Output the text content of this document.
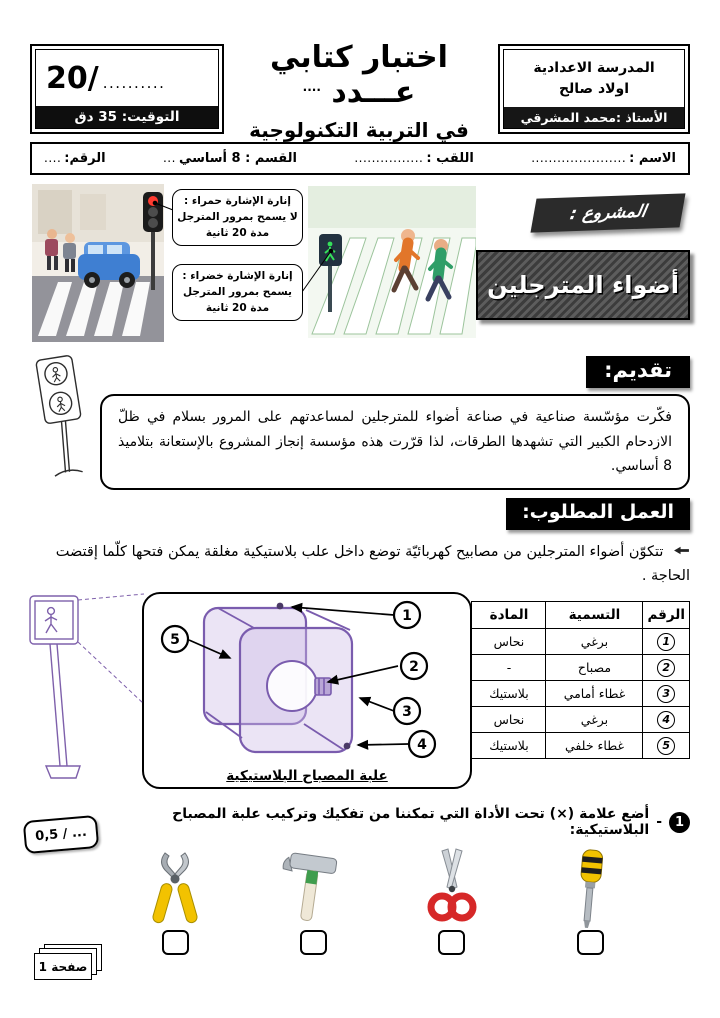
المدرسة الاعدادية
اولاد صالح
الأستاذ :محمد المشرقي
اختبار كتابي عـــدد ....
في التربية التكنولوجية
20/ ..........
التوقيت: 35 دق
الاسم :
......................
اللقب :
................
القسم : 8 أساسي
...
الرقم:
....
المشروع :
أضواء المترجلين
إنارة الإشارة حمراء :
لا يسمح بمرور المترجل
مدة 20 ثانية
إنارة الإشارة خضراء :
يسمح بمرور المترجل
مدة 20 ثانية
تقديم:
فكّرت مؤسّسة صناعية في صناعة أضواء للمترجلين لمساعدتهم على المرور بسلام في ظلّ الازدحام الكبير التي تشهدها الطرقات، لذا قرّرت هذه مؤسسة إنجاز المشروع بالإستعانة بتلاميذ 8 أساسي.
العمل المطلوب:
تتكوّن أضواء المترجلين من مصابيح كهربائيّة توضع داخل علب بلاستيكية مغلقة يمكن فتحها كلّما إقتضت الحاجة .
الرقم	التسمية	المادة
1	برغي	نحاس
2	مصباح	-
3	غطاء أمامي	بلاستيك
4	برغي	نحاس
5	غطاء خلفي	بلاستيك
1
2
3
4
5
علبة المصباح البلاستيكية
1
-
أضع علامة (×) تحت الأداة التي تمكننا من تفكيك وتركيب علبة المصباح البلاستيكية:
0,5 / ...
صفحة 1
